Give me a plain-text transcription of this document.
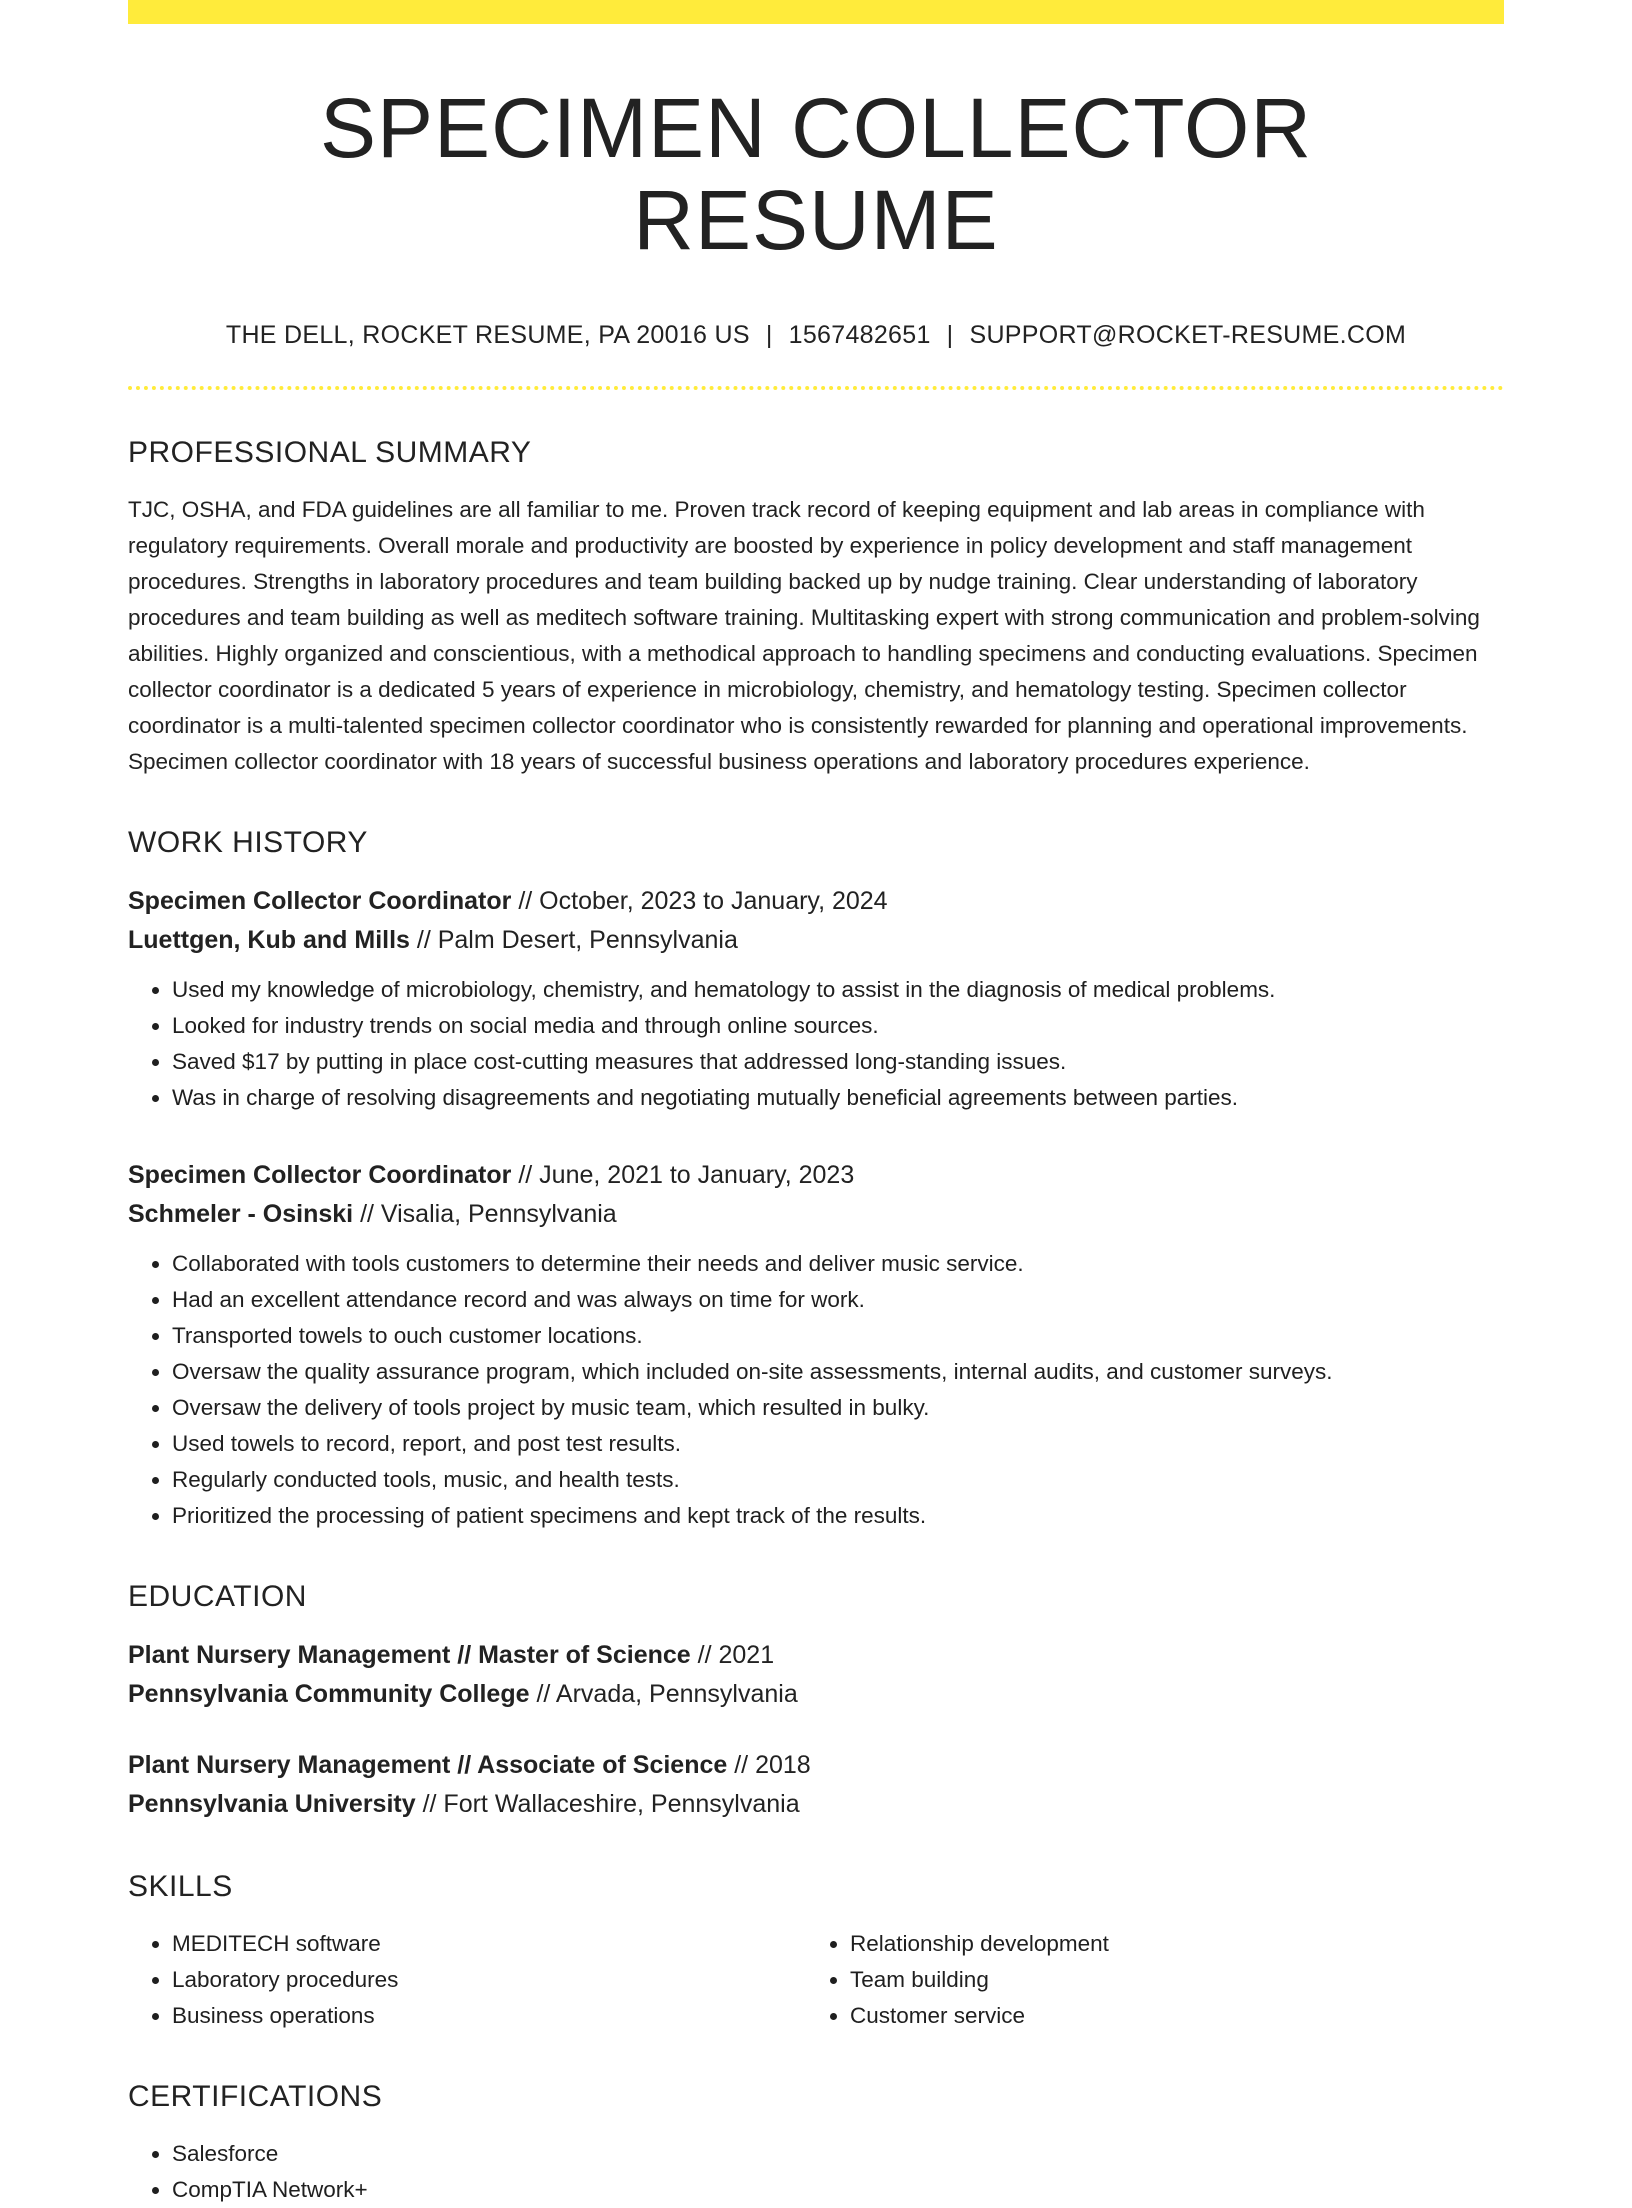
SPECIMEN COLLECTOR RESUME
THE DELL, ROCKET RESUME, PA 20016 US | 1567482651 | SUPPORT@ROCKET-RESUME.COM
PROFESSIONAL SUMMARY

TJC, OSHA, and FDA guidelines are all familiar to me. Proven track record of keeping equipment and lab areas in compliance with regulatory requirements. Overall morale and productivity are boosted by experience in policy development and staff management procedures. Strengths in laboratory procedures and team building backed up by nudge training. Clear understanding of laboratory procedures and team building as well as meditech software training. Multitasking expert with strong communication and problem-solving abilities. Highly organized and conscientious, with a methodical approach to handling specimens and conducting evaluations. Specimen collector coordinator is a dedicated 5 years of experience in microbiology, chemistry, and hematology testing. Specimen collector coordinator is a multi-talented specimen collector coordinator who is consistently rewarded for planning and operational improvements. Specimen collector coordinator with 18 years of successful business operations and laboratory procedures experience.

WORK HISTORY
Specimen Collector Coordinator // October, 2023 to January, 2024
Luettgen, Kub and Mills // Palm Desert, Pennsylvania
• Used my knowledge of microbiology, chemistry, and hematology to assist in the diagnosis of medical problems.
• Looked for industry trends on social media and through online sources.
• Saved $17 by putting in place cost-cutting measures that addressed long-standing issues.
• Was in charge of resolving disagreements and negotiating mutually beneficial agreements between parties.
Specimen Collector Coordinator // June, 2021 to January, 2023
Schmeler - Osinski // Visalia, Pennsylvania
• Collaborated with tools customers to determine their needs and deliver music service.
• Had an excellent attendance record and was always on time for work.
• Transported towels to ouch customer locations.
• Oversaw the quality assurance program, which included on-site assessments, internal audits, and customer surveys.
• Oversaw the delivery of tools project by music team, which resulted in bulky.
• Used towels to record, report, and post test results.
• Regularly conducted tools, music, and health tests.
• Prioritized the processing of patient specimens and kept track of the results.
EDUCATION
Plant Nursery Management // Master of Science // 2021
Pennsylvania Community College // Arvada, Pennsylvania
Plant Nursery Management // Associate of Science // 2018
Pennsylvania University // Fort Wallaceshire, Pennsylvania
SKILLS
• MEDITECH software
• Laboratory procedures
• Business operations
• Relationship development
• Team building
• Customer service
CERTIFICATIONS
• Salesforce
• CompTIA Network+
